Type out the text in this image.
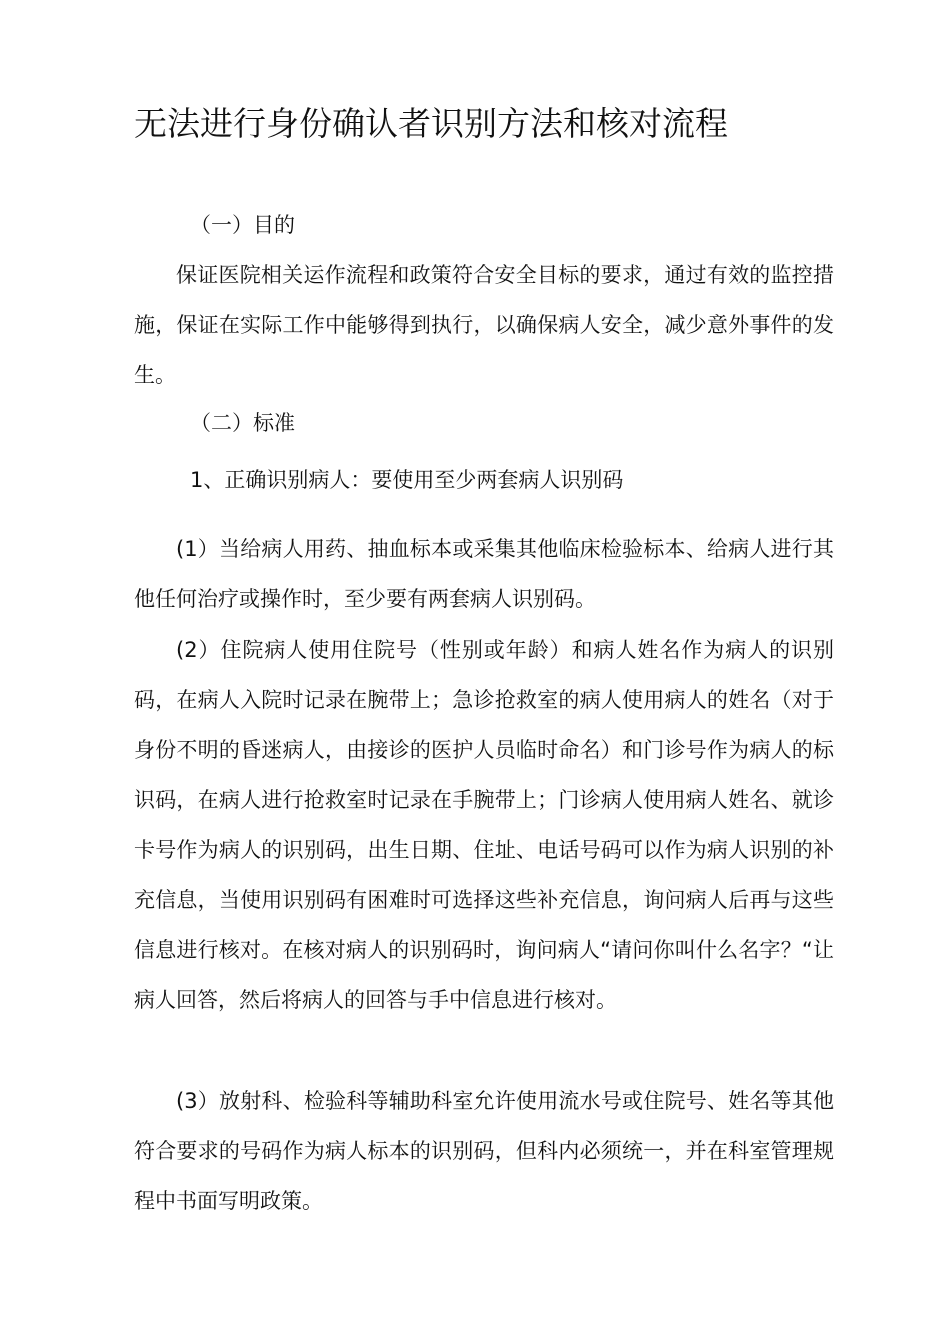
无法进行身份确认者识别方法和核对流程
（一）目的
保证医院相关运作流程和政策符合安全目标的要求，通过有效的监控措施，保证在实际工作中能够得到执行，以确保病人安全，减少意外事件的发生。
（二）标准
1、正确识别病人：要使用至少两套病人识别码
(1）当给病人用药、抽血标本或采集其他临床检验标本、给病人进行其他任何治疗或操作时，至少要有两套病人识别码。
(2）住院病人使用住院号（性别或年龄）和病人姓名作为病人的识别码，在病人入院时记录在腕带上；急诊抢救室的病人使用病人的姓名（对于身份不明的昏迷病人，由接诊的医护人员临时命名）和门诊号作为病人的标识码，在病人进行抢救室时记录在手腕带上；门诊病人使用病人姓名、就诊卡号作为病人的识别码，出生日期、住址、电话号码可以作为病人识别的补充信息，当使用识别码有困难时可选择这些补充信息，询问病人后再与这些信息进行核对。在核对病人的识别码时，询问病人“请问你叫什么名字？“让病人回答，然后将病人的回答与手中信息进行核对。
(3）放射科、检验科等辅助科室允许使用流水号或住院号、姓名等其他符合要求的号码作为病人标本的识别码，但科内必须统一，并在科室管理规程中书面写明政策。
